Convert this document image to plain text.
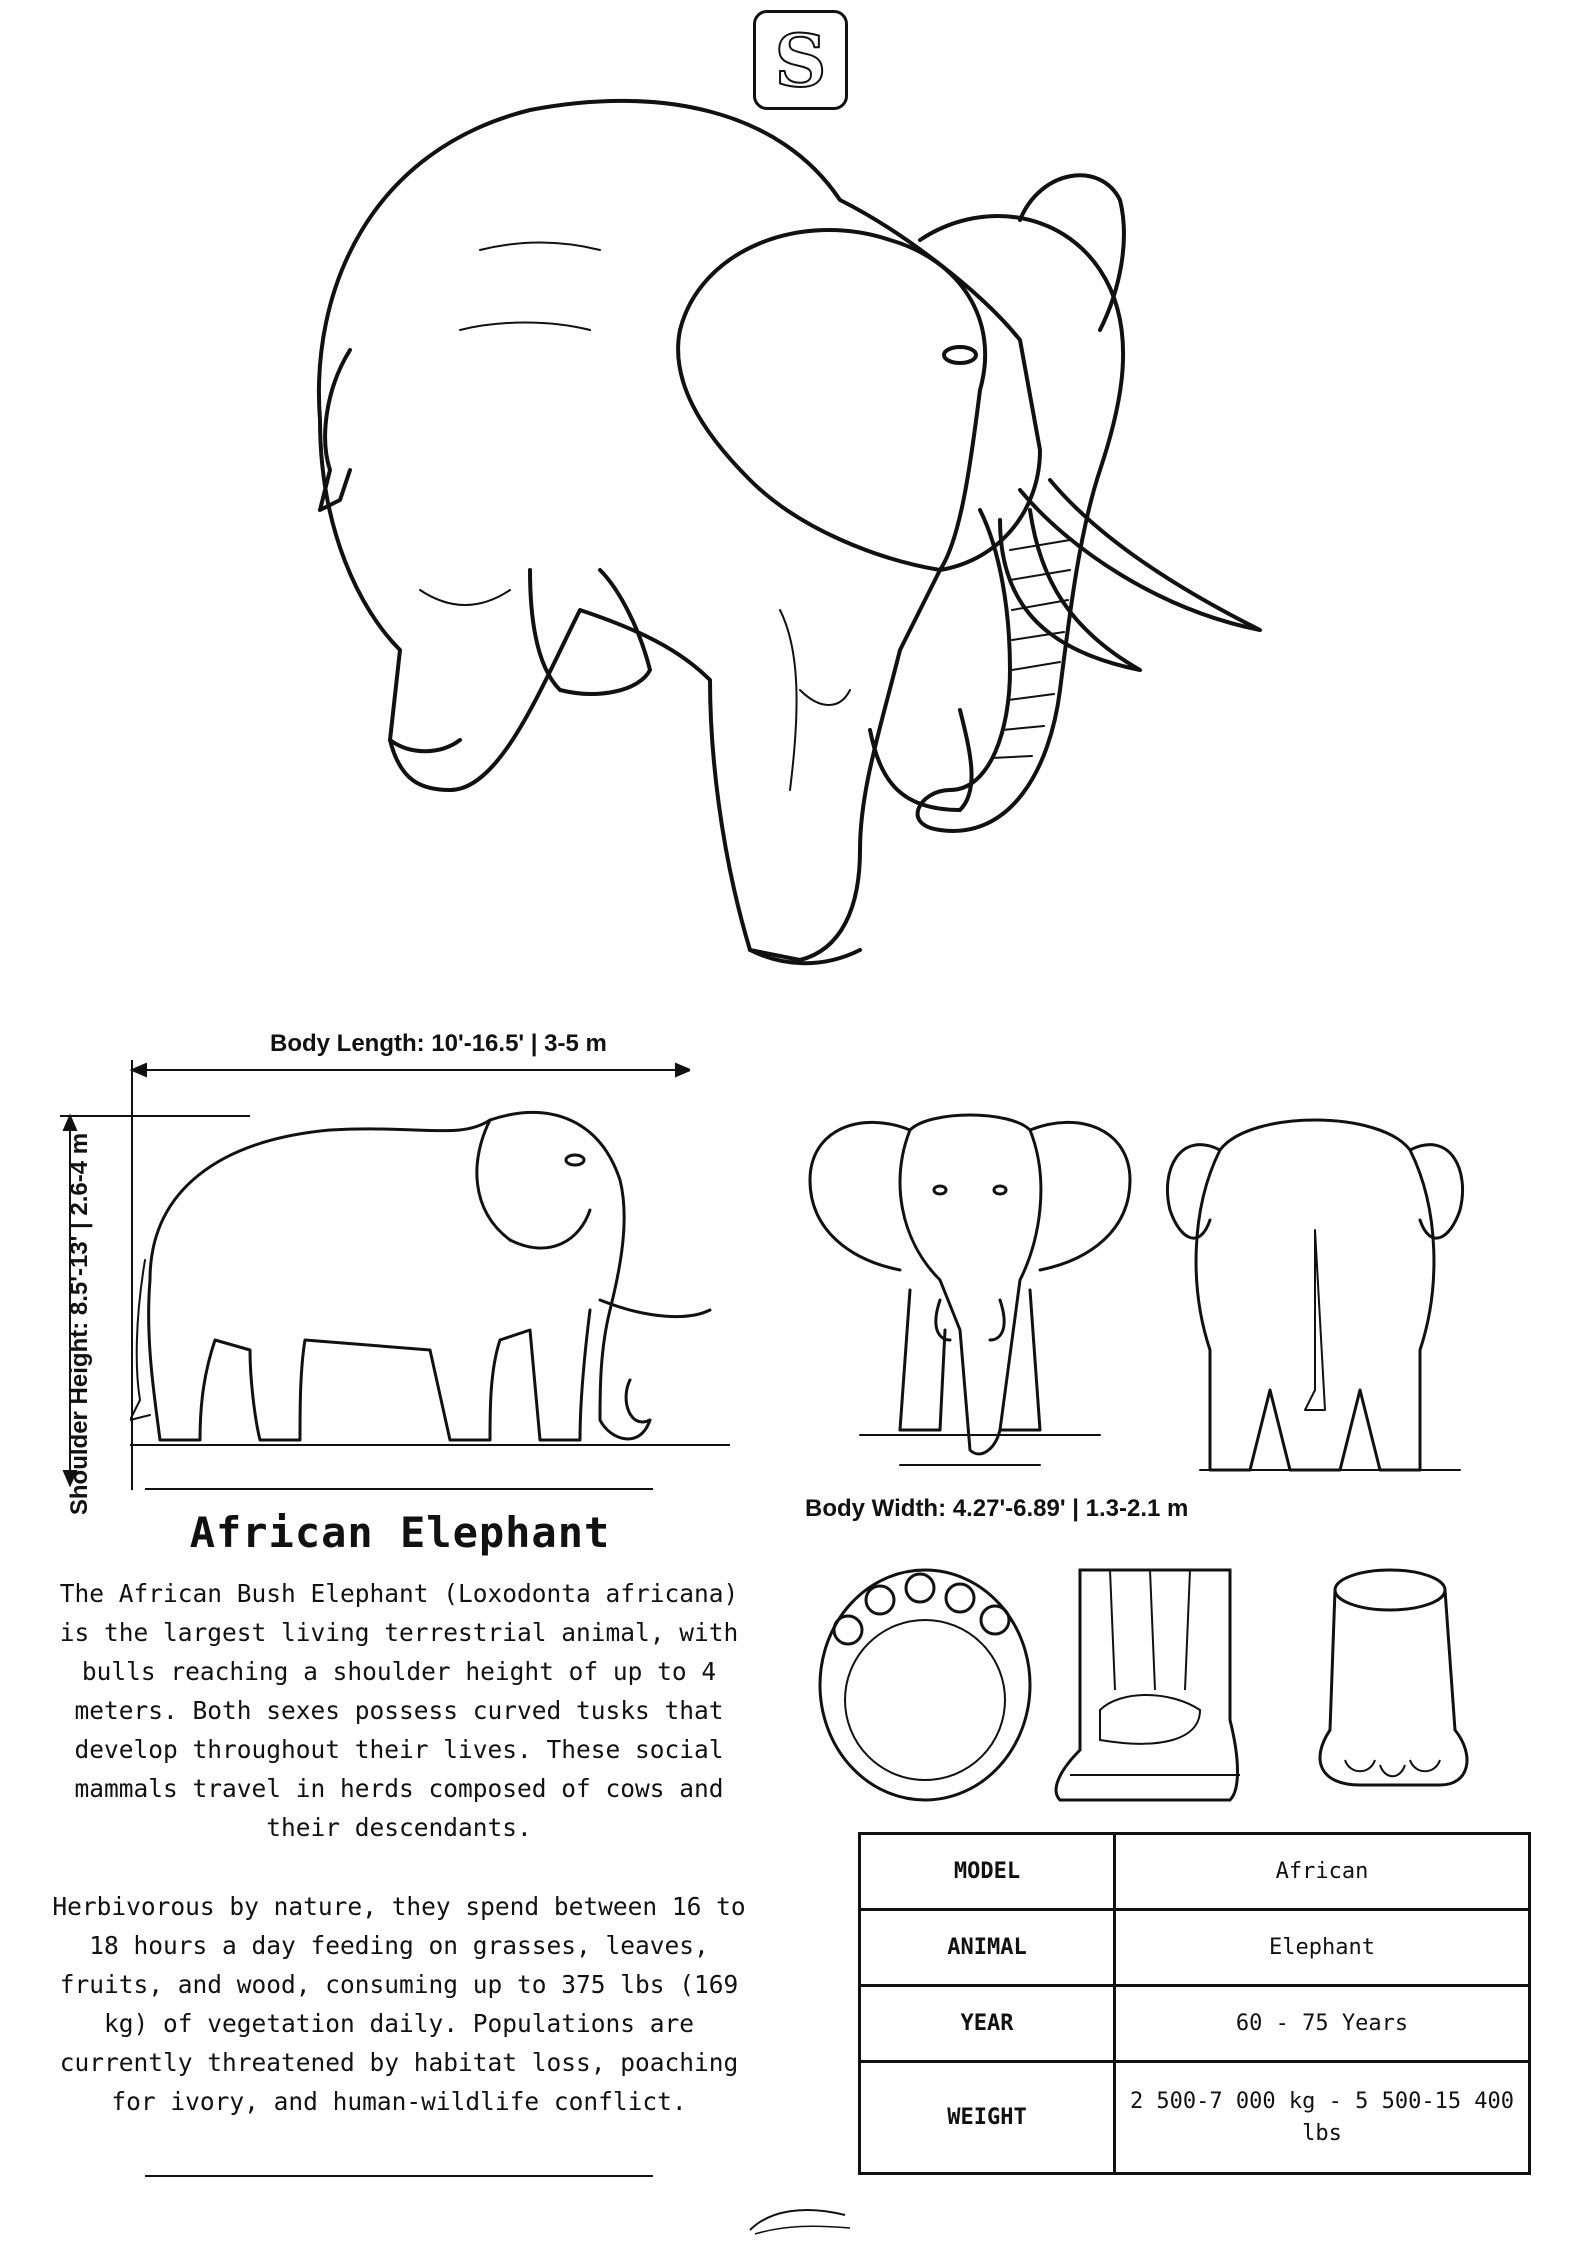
S
Body Length: 10'-16.5' | 3-5 m
Shoulder Height: 8.5'-13' | 2.6-4 m	Body Width: 4.27'-6.89' | 1.3-2.1 m
African Elephant
The African Bush Elephant (Loxodonta africana) is the largest living terrestrial animal, with bulls reaching a shoulder height of up to 4 meters. Both sexes possess curved tusks that develop throughout their lives. These social mammals travel in herds composed of cows and their descendants.
Herbivorous by nature, they spend between 16 to 18 hours a day feeding on grasses, leaves, fruits, and wood, consuming up to 375 lbs (169 kg) of vegetation daily. Populations are currently threatened by habitat loss, poaching for ivory, and human-wildlife conflict.
MODEL	African
ANIMAL	Elephant
YEAR	60 - 75 Years
WEIGHT	2 500-7 000 kg - 5 500-15 400 lbs
